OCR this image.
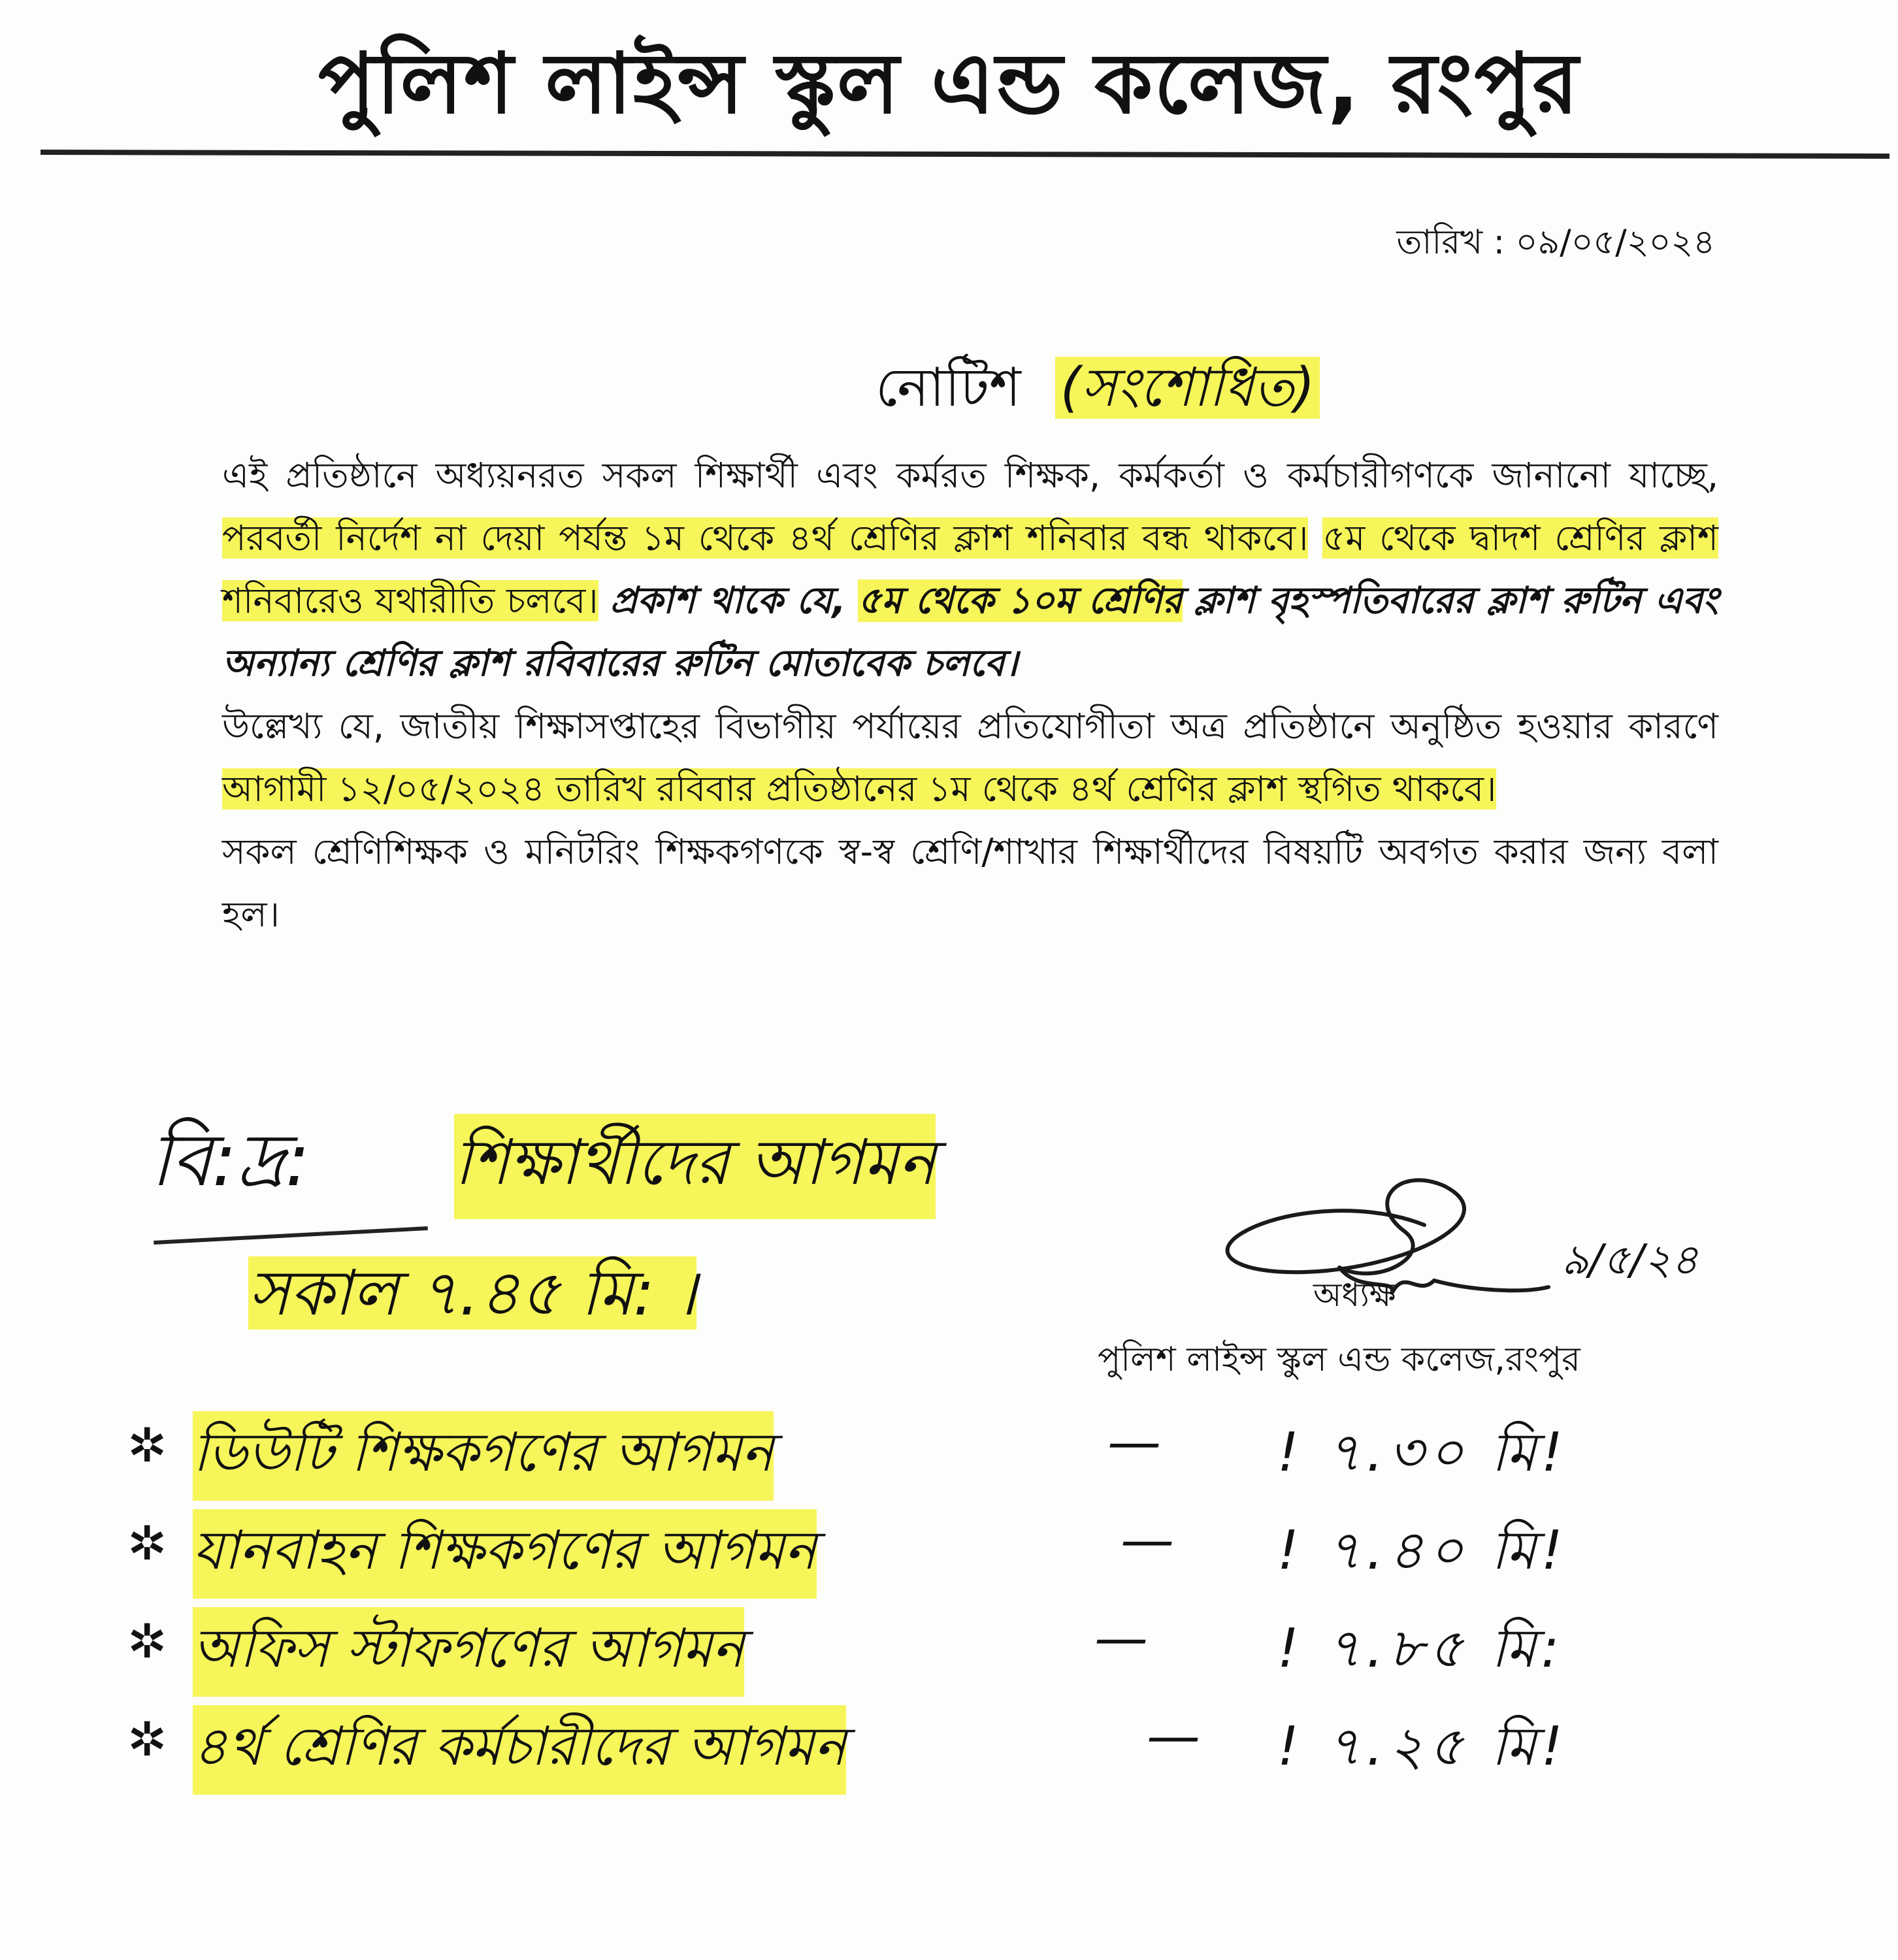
পুলিশ লাইন্স স্কুল এন্ড কলেজ, রংপুর
তারিখ : ০৯/০৫/২০২৪
নোটিশ (সংশোধিত)

এই প্রতিষ্ঠানে অধ্যয়নরত সকল শিক্ষার্থী এবং কর্মরত শিক্ষক, কর্মকর্তা ও কর্মচারীগণকে জানানো যাচ্ছে, পরবর্তী নির্দেশ না দেয়া পর্যন্ত ১ম থেকে ৪র্থ শ্রেণির ক্লাশ শনিবার বন্ধ থাকবে। ৫ম থেকে দ্বাদশ শ্রেণির ক্লাশ শনিবারেও যথারীতি চলবে। প্রকাশ থাকে যে, ৫ম থেকে ১০ম শ্রেণির ক্লাশ বৃহস্পতিবারের ক্লাশ রুটিন এবং অন্যান্য শ্রেণির ক্লাশ রবিবারের রুটিন মোতাবেক চলবে।

উল্লেখ্য যে, জাতীয় শিক্ষাসপ্তাহের বিভাগীয় পর্যায়ের প্রতিযোগীতা অত্র প্রতিষ্ঠানে অনুষ্ঠিত হওয়ার কারণে আগামী ১২/০৫/২০২৪ তারিখ রবিবার প্রতিষ্ঠানের ১ম থেকে ৪র্থ শ্রেণির ক্লাশ স্থগিত থাকবে।

সকল শ্রেণিশিক্ষক ও মনিটরিং শিক্ষকগণকে স্ব-স্ব শ্রেণি/শাখার শিক্ষার্থীদের বিষয়টি অবগত করার জন্য বলা হল।

বি:দ্র: শিক্ষার্থীদের আগমন
সকাল ৭.৪৫ মি: ।	৯/৫/২৪
অধ্যক্ষ
পুলিশ লাইন্স স্কুল এন্ড কলেজ,রংপুর
✲ ডিউটি শিক্ষকগণের আগমন	— ! ৭.৩০ মি!
✲ যানবাহন শিক্ষকগণের আগমন	— ! ৭.৪০ মি!
✲ অফিস স্টাফগণের আগমন	— ! ৭.৮৫ মি:
✲ ৪র্থ শ্রেণির কর্মচারীদের আগমন	— ! ৭.২৫ মি!
